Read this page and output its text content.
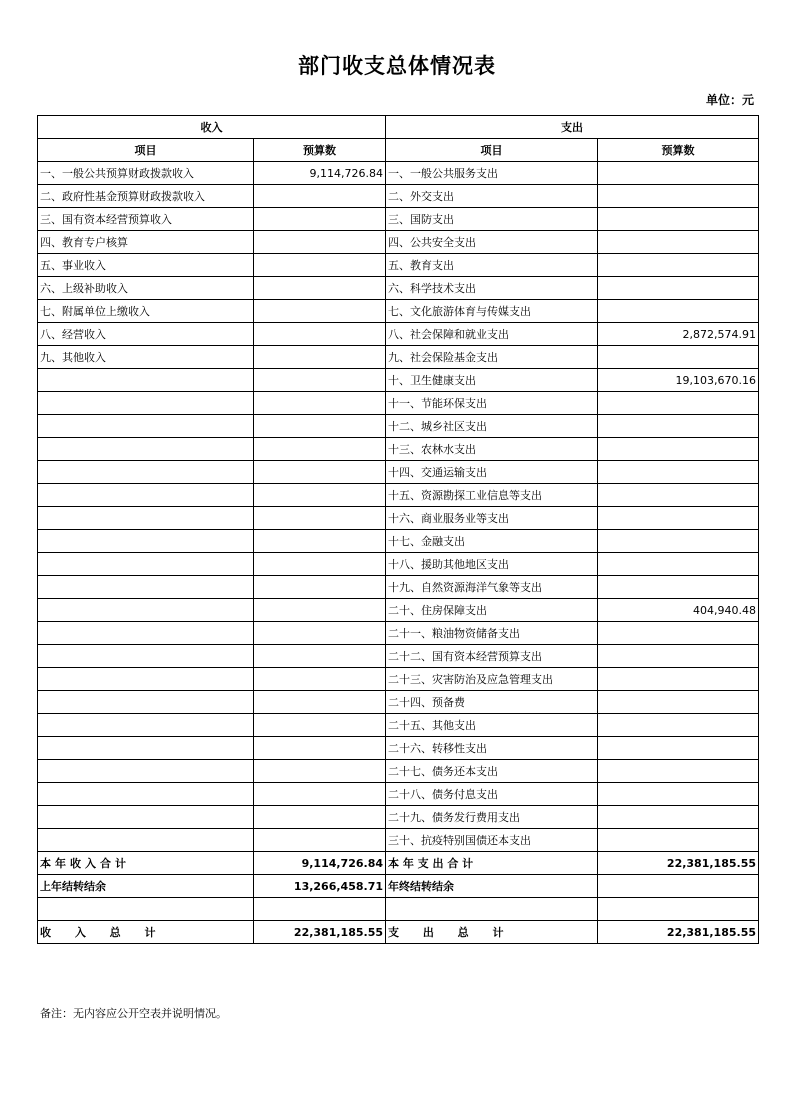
部门收支总体情况表
单位：元
收入		支出	
项目	预算数	项目	预算数
一、一般公共预算财政拨款收入	9,114,726.84	一、一般公共服务支出	
二、政府性基金预算财政拨款收入		二、外交支出	
三、国有资本经营预算收入		三、国防支出	
四、教育专户核算		四、公共安全支出	
五、事业收入		五、教育支出	
六、上级补助收入		六、科学技术支出	
七、附属单位上缴收入		七、文化旅游体育与传媒支出	
八、经营收入		八、社会保障和就业支出	2,872,574.91
九、其他收入		九、社会保险基金支出	
		十、卫生健康支出	19,103,670.16
		十一、节能环保支出	
		十二、城乡社区支出	
		十三、农林水支出	
		十四、交通运输支出	
		十五、资源勘探工业信息等支出	
		十六、商业服务业等支出	
		十七、金融支出	
		十八、援助其他地区支出	
		十九、自然资源海洋气象等支出	
		二十、住房保障支出	404,940.48
		二十一、粮油物资储备支出	
		二十二、国有资本经营预算支出	
		二十三、灾害防治及应急管理支出	
		二十四、预备费	
		二十五、其他支出	
		二十六、转移性支出	
		二十七、债务还本支出	
		二十八、债务付息支出	
		二十九、债务发行费用支出	
		三十、抗疫特别国债还本支出	
本年收入合计	9,114,726.84	本 年 支 出 合 计	22,381,185.55
上年结转结余	13,266,458.71	年终结转结余	

收 入 总 计	22,381,185.55	支 出 总 计	22,381,185.55
备注：无内容应公开空表并说明情况。
